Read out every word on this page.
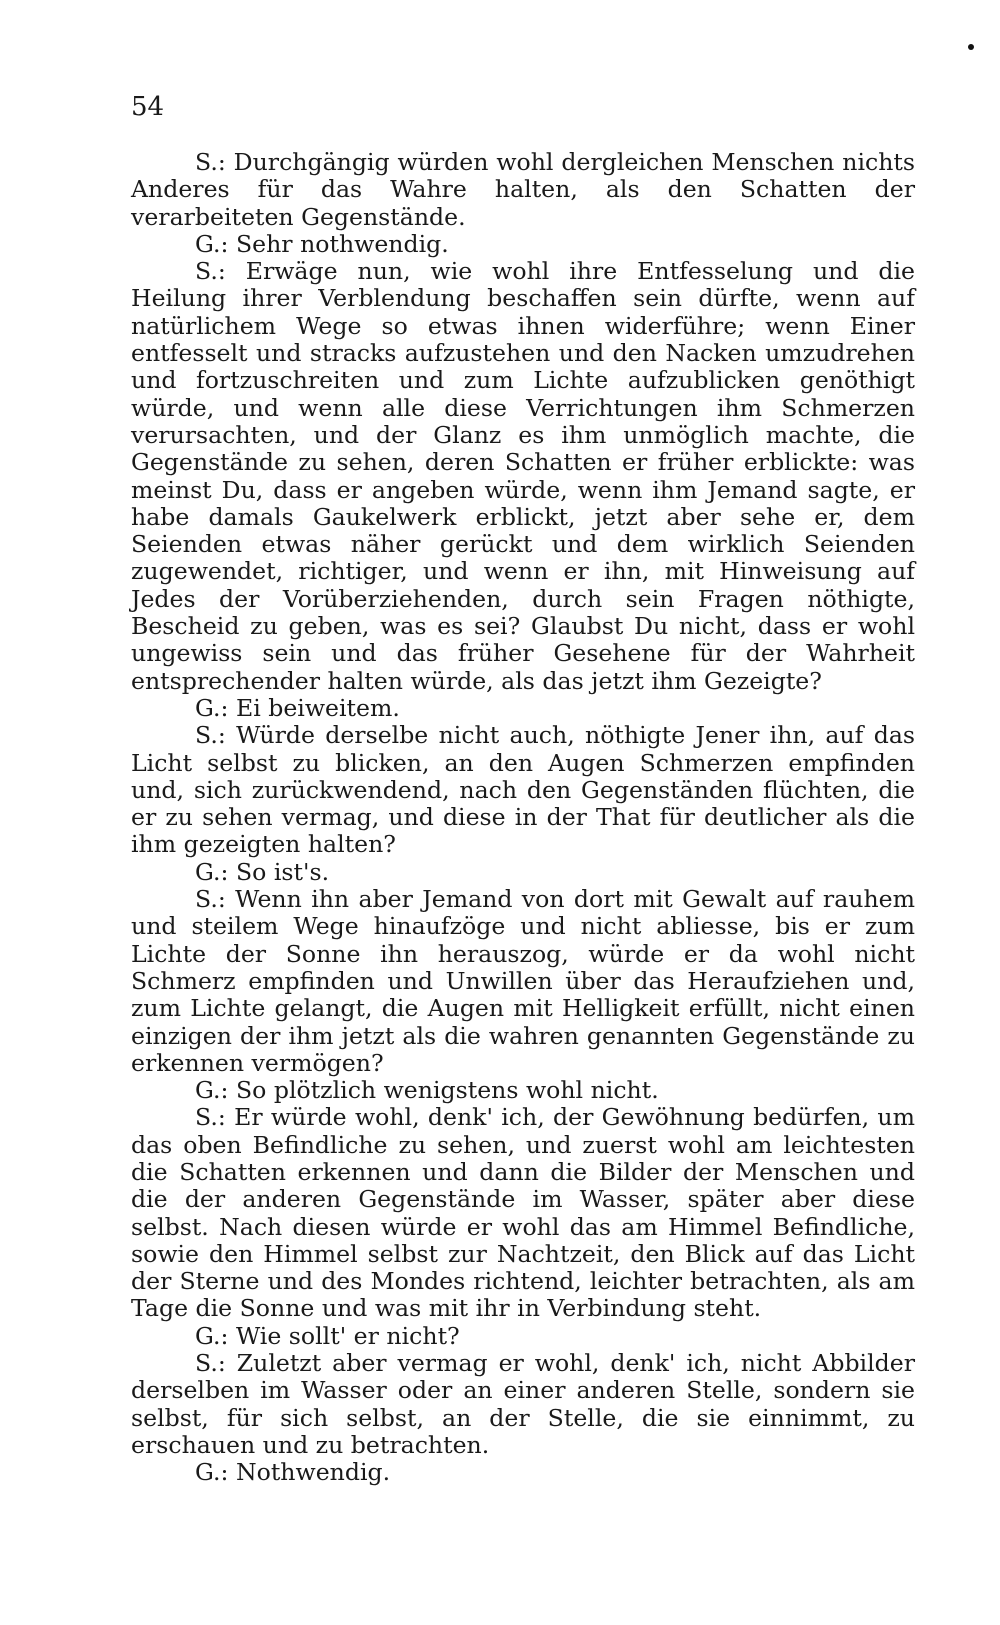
54

S.: Durchgängig würden wohl dergleichen Menschen nichts Anderes für das Wahre halten, als den Schatten der verarbeiteten Gegenstände.

G.: Sehr nothwendig.

S.: Erwäge nun, wie wohl ihre Entfesselung und die Heilung ihrer Verblendung beschaffen sein dürfte, wenn auf natürlichem Wege so etwas ihnen widerführe; wenn Einer entfesselt und stracks aufzustehen und den Nacken umzudrehen und fortzuschreiten und zum Lichte aufzublicken genöthigt würde, und wenn alle diese Verrichtungen ihm Schmerzen verursachten, und der Glanz es ihm unmöglich machte, die Gegenstände zu sehen, deren Schatten er früher erblickte: was meinst Du, dass er angeben würde, wenn ihm Jemand sagte, er habe damals Gaukelwerk erblickt, jetzt aber sehe er, dem Seienden etwas näher gerückt und dem wirklich Seienden zugewendet, richtiger, und wenn er ihn, mit Hinweisung auf Jedes der Vorüberziehenden, durch sein Fragen nöthigte, Bescheid zu geben, was es sei? Glaubst Du nicht, dass er wohl ungewiss sein und das früher Gesehene für der Wahrheit entsprechender halten würde, als das jetzt ihm Gezeigte?

G.: Ei beiweitem.

S.: Würde derselbe nicht auch, nöthigte Jener ihn, auf das Licht selbst zu blicken, an den Augen Schmerzen empfinden und, sich zurückwendend, nach den Gegenständen flüchten, die er zu sehen vermag, und diese in der That für deutlicher als die ihm gezeigten halten?

G.: So ist's.

S.: Wenn ihn aber Jemand von dort mit Gewalt auf rauhem und steilem Wege hinaufzöge und nicht abliesse, bis er zum Lichte der Sonne ihn herauszog, würde er da wohl nicht Schmerz empfinden und Unwillen über das Heraufziehen und, zum Lichte gelangt, die Augen mit Helligkeit erfüllt, nicht einen einzigen der ihm jetzt als die wahren genannten Gegenstände zu erkennen vermögen?

G.: So plötzlich wenigstens wohl nicht.

S.: Er würde wohl, denk' ich, der Gewöhnung bedürfen, um das oben Befindliche zu sehen, und zuerst wohl am leichtesten die Schatten erkennen und dann die Bilder der Menschen und die der anderen Gegenstände im Wasser, später aber diese selbst. Nach diesen würde er wohl das am Himmel Befindliche, sowie den Himmel selbst zur Nachtzeit, den Blick auf das Licht der Sterne und des Mondes richtend, leichter betrachten, als am Tage die Sonne und was mit ihr in Verbindung steht.

G.: Wie sollt' er nicht?

S.: Zuletzt aber vermag er wohl, denk' ich, nicht Abbilder derselben im Wasser oder an einer anderen Stelle, sondern sie selbst, für sich selbst, an der Stelle, die sie einnimmt, zu erschauen und zu betrachten.

G.: Nothwendig.
